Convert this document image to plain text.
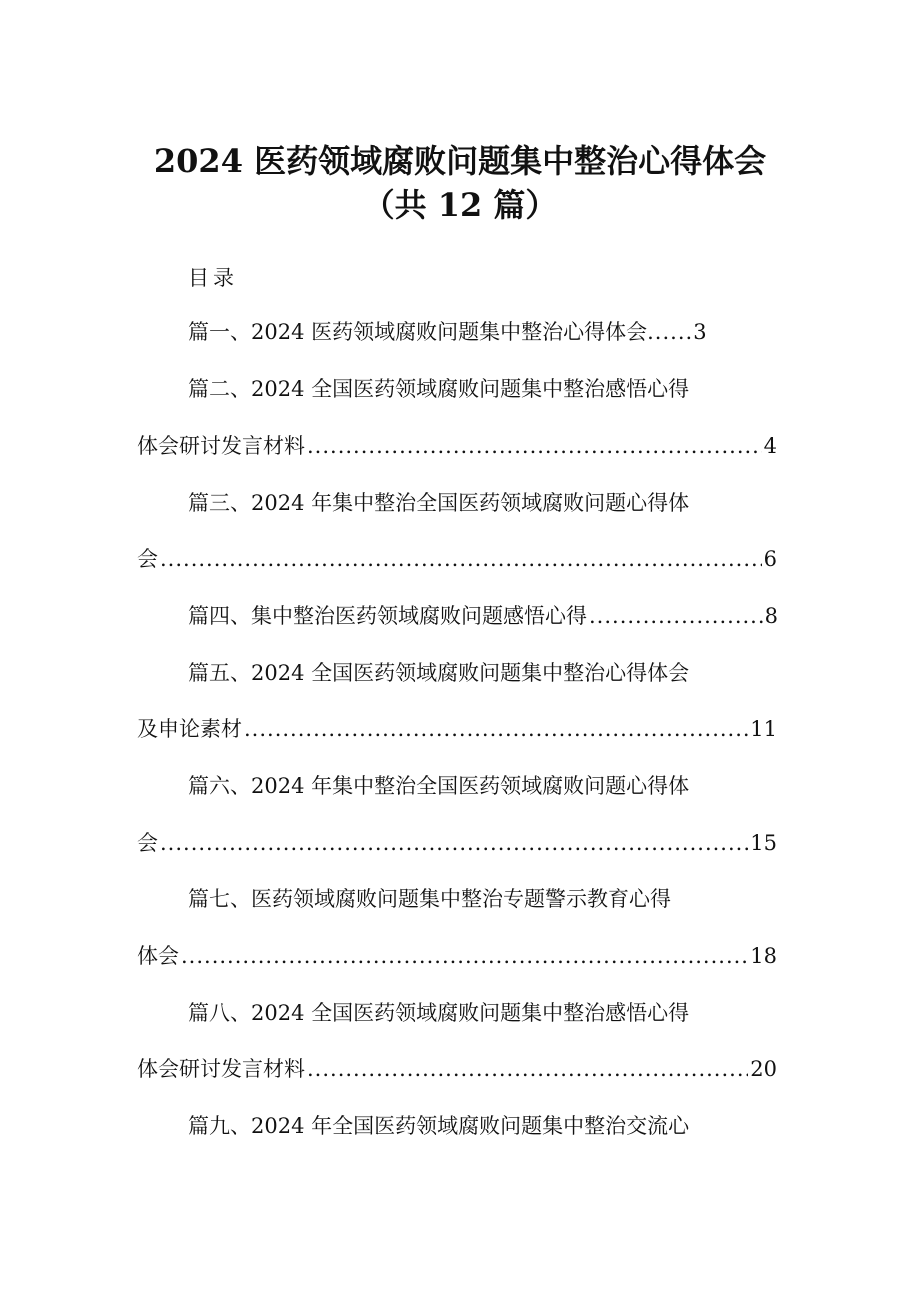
2024 医药领域腐败问题集中整治心得体会
（共 12 篇）
目录
篇一、2024 医药领域腐败问题集中整治心得体会......3
篇二、2024 全国医药领域腐败问题集中整治感悟心得
体会研讨发言材料 .....	4
篇三、2024 年集中整治全国医药领域腐败问题心得体
会 .....	6
篇四、集中整治医药领域腐败问题感悟心得 .....	8
篇五、2024 全国医药领域腐败问题集中整治心得体会
及申论素材 .....	11
篇六、2024 年集中整治全国医药领域腐败问题心得体
会 .....	15
篇七、医药领域腐败问题集中整治专题警示教育心得
体会 .....	18
篇八、2024 全国医药领域腐败问题集中整治感悟心得
体会研讨发言材料 .....	20
篇九、2024 年全国医药领域腐败问题集中整治交流心
